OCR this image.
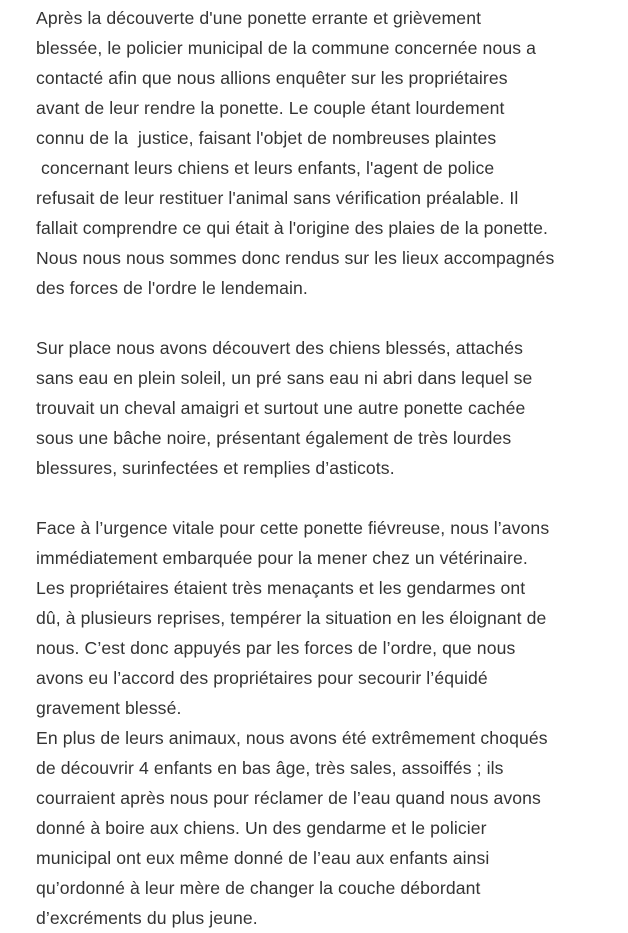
Après la découverte d'une ponette errante et grièvement
blessée, le policier municipal de la commune concernée nous a
contacté afin que nous allions enquêter sur les propriétaires
avant de leur rendre la ponette. Le couple étant lourdement
connu de la  justice, faisant l'objet de nombreuses plaintes
concernant leurs chiens et leurs enfants, l'agent de police
refusait de leur restituer l'animal sans vérification préalable. Il
fallait comprendre ce qui était à l'origine des plaies de la ponette.
Nous nous nous sommes donc rendus sur les lieux accompagnés
des forces de l'ordre le lendemain.
Sur place nous avons découvert des chiens blessés, attachés
sans eau en plein soleil, un pré sans eau ni abri dans lequel se
trouvait un cheval amaigri et surtout une autre ponette cachée
sous une bâche noire, présentant également de très lourdes
blessures, surinfectées et remplies d’asticots.
Face à l’urgence vitale pour cette ponette fiévreuse, nous l’avons
immédiatement embarquée pour la mener chez un vétérinaire.
Les propriétaires étaient très menaçants et les gendarmes ont
dû, à plusieurs reprises, tempérer la situation en les éloignant de
nous. C’est donc appuyés par les forces de l’ordre, que nous
avons eu l’accord des propriétaires pour secourir l’équidé
gravement blessé.
En plus de leurs animaux, nous avons été extrêmement choqués
de découvrir 4 enfants en bas âge, très sales, assoiffés ; ils
courraient après nous pour réclamer de l’eau quand nous avons
donné à boire aux chiens. Un des gendarme et le policier
municipal ont eux même donné de l’eau aux enfants ainsi
qu’ordonné à leur mère de changer la couche débordant
d’excréments du plus jeune.
